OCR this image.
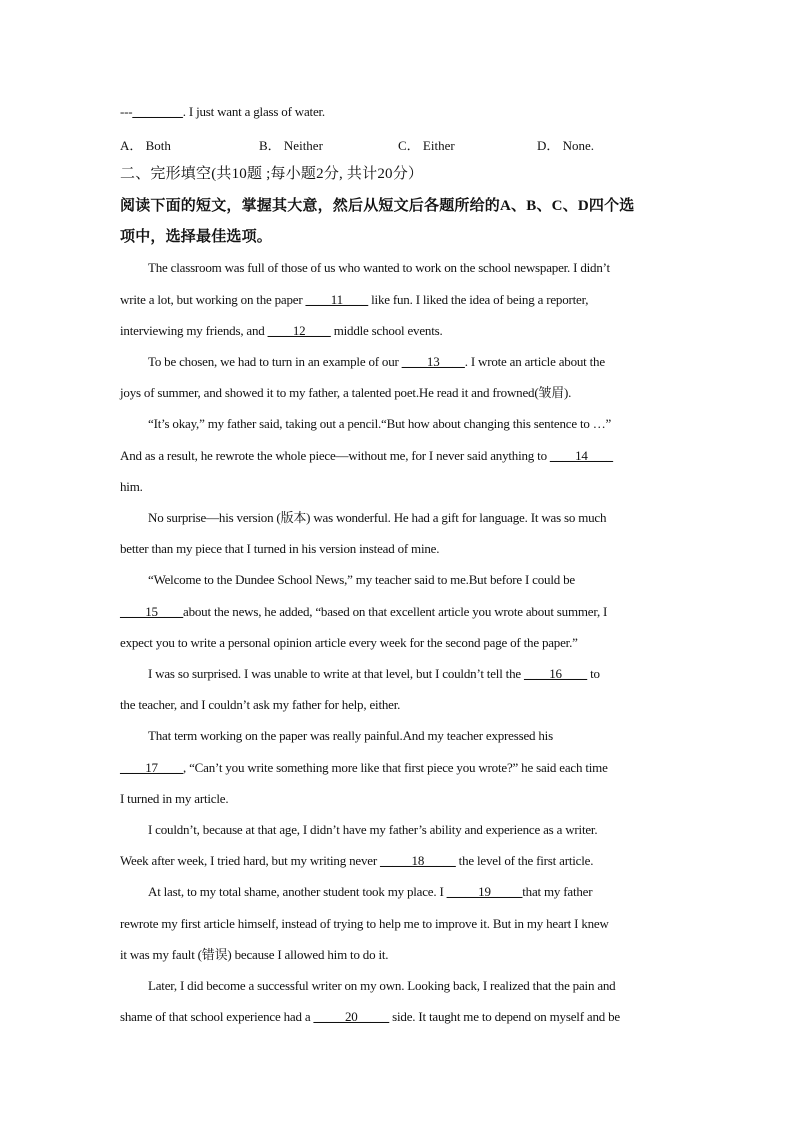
---________. I just want a glass of water.
A． Both	B． Neither	C． Either	D． None.
二、完形填空(共10题 ;每小题2分, 共计20分）
阅读下面的短文，掌握其大意，然后从短文后各题所给的A、B、C、D四个选
项中，选择最佳选项。
The classroom was full of those of us who wanted to work on the school newspaper. I didn’t
write a lot, but working on the paper ____11____ like fun. I liked the idea of being a reporter,
interviewing my friends, and ____12____ middle school events.
To be chosen, we had to turn in an example of our ____13____. I wrote an article about the
joys of summer, and showed it to my father, a talented poet.He read it and frowned(皱眉).
“It’s okay,” my father said, taking out a pencil.“But how about changing this sentence to …”
And as a result, he rewrote the whole piece—without me, for I never said anything to ____14____
him.
No surprise—his version (版本) was wonderful. He had a gift for language. It was so much
better than my piece that I turned in his version instead of mine.
“Welcome to the Dundee School News,” my teacher said to me.But before I could be
____15____about the news, he added, “based on that excellent article you wrote about summer, I
expect you to write a personal opinion article every week for the second page of the paper.”
I was so surprised. I was unable to write at that level, but I couldn’t tell the ____16____ to
the teacher, and I couldn’t ask my father for help, either.
That term working on the paper was really painful.And my teacher expressed his
____17____, “Can’t you write something more like that first piece you wrote?” he said each time
I turned in my article.
I couldn’t, because at that age, I didn’t have my father’s ability and experience as a writer.
Week after week, I tried hard, but my writing never _____18_____ the level of the first article.
At last, to my total shame, another student took my place. I _____19_____that my father
rewrote my first article himself, instead of trying to help me to improve it. But in my heart I knew
it was my fault (错误) because I allowed him to do it.
Later, I did become a successful writer on my own. Looking back, I realized that the pain and
shame of that school experience had a _____20_____ side. It taught me to depend on myself and be
